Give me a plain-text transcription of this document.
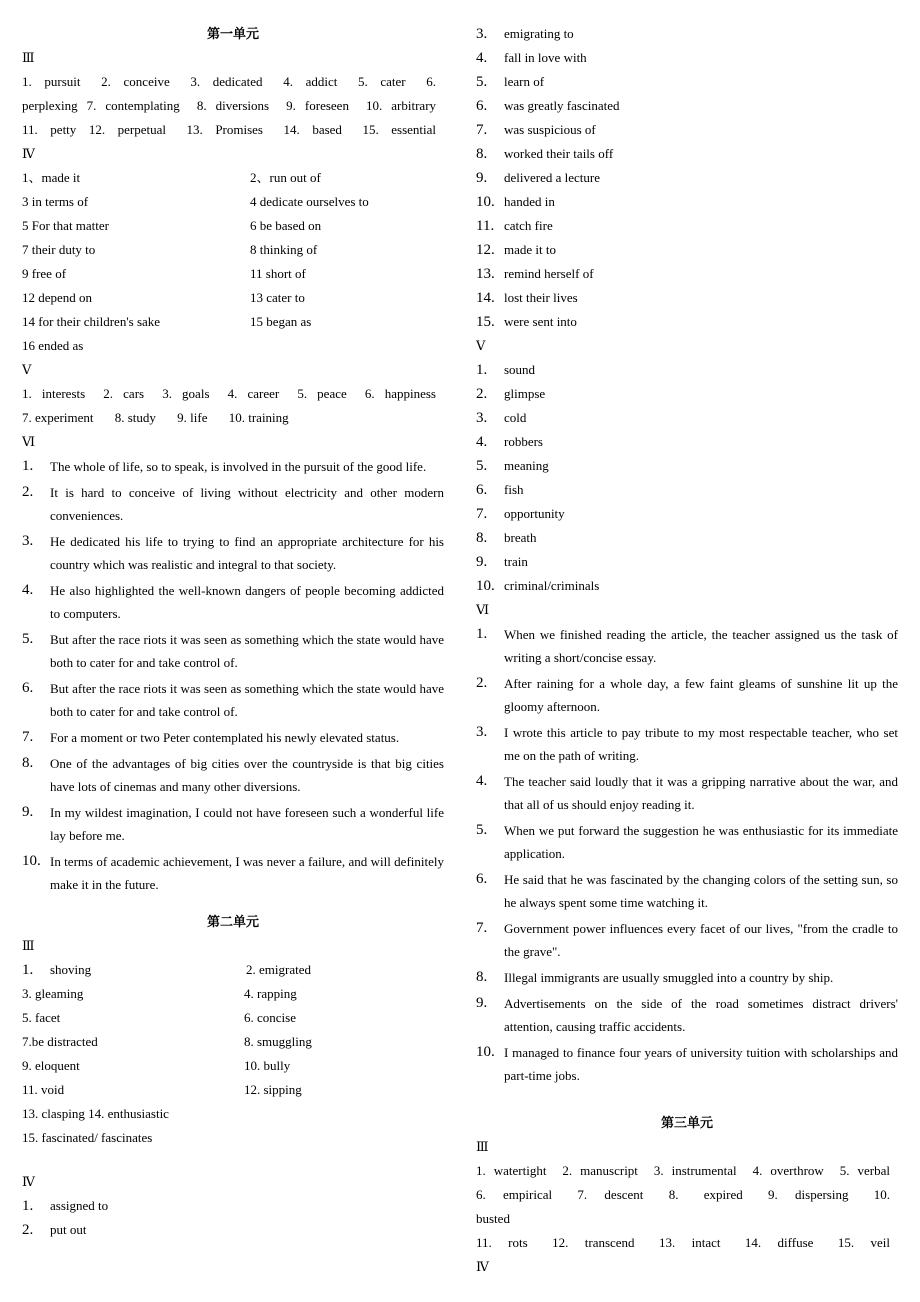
第一单元
Ⅲ
1. pursuit 2. conceive 3. dedicated 4. addict 5. cater 6.
perplexing 7. contemplating 8. diversions 9. foreseen 10. arbitrary
11. petty 12. perpetual 13. Promises 14. based 15. essential
Ⅳ
1、made it	2、run out of
3 in terms of	4 dedicate ourselves to
5 For that matter	6 be based on
7 their duty to	8 thinking of
9 free of	11 short of
12 depend on	13 cater to
14 for their children's sake	15 began as
16 ended as
Ⅴ
1. interests 2. cars 3. goals 4. career 5. peace 6. happiness
7. experiment 8. study 9. life 10. training
Ⅵ
1.	The whole of life, so to speak, is involved in the pursuit of the good life.
2.	It is hard to conceive of living without electricity and other modern conveniences.
3.	He dedicated his life to trying to find an appropriate architecture for his country which was realistic and integral to that society.
4.	He also highlighted the well-known dangers of people becoming addicted to computers.
5.	But after the race riots it was seen as something which the state would have both to cater for and take control of.
6.	But after the race riots it was seen as something which the state would have both to cater for and take control of.
7.	For a moment or two Peter contemplated his newly elevated status.
8.	One of the advantages of big cities over the countryside is that big cities have lots of cinemas and many other diversions.
9.	In my wildest imagination, I could not have foreseen such a wonderful life lay before me.
10. In terms of academic achievement, I was never a failure, and will definitely make it in the future.
第二单元
Ⅲ
1. shoving	2. emigrated
3. gleaming	4. rapping
5. facet	6. concise
7.be distracted	8. smuggling
9. eloquent	10. bully
11. void	12. sipping
13. clasping 14. enthusiastic
15. fascinated/ fascinates
Ⅳ
1.	assigned to
2.	put out
3.	emigrating to
4.	fall in love with
5.	learn of
6.	was greatly fascinated
7.	was suspicious of
8.	worked their tails off
9.	delivered a lecture
10. handed in
11. catch fire
12. made it to
13. remind herself of
14. lost their lives
15. were sent into
Ⅴ
1.	sound
2.	glimpse
3.	cold
4.	robbers
5.	meaning
6.	fish
7.	opportunity
8.	breath
9.	train
10. criminal/criminals
Ⅵ
1.	When we finished reading the article, the teacher assigned us the task of writing a short/concise essay.
2.	After raining for a whole day, a few faint gleams of sunshine lit up the gloomy afternoon.
3.	I wrote this article to pay tribute to my most respectable teacher, who set me on the path of writing.
4.	The teacher said loudly that it was a gripping narrative about the war, and that all of us should enjoy reading it.
5.	When we put forward the suggestion he was enthusiastic for its immediate application.
6.	He said that he was fascinated by the changing colors of the setting sun, so he always spent some time watching it.
7.	Government power influences every facet of our lives, "from the cradle to the grave".
8.	Illegal immigrants are usually smuggled into a country by ship.
9.	Advertisements on the side of the road sometimes distract drivers' attention, causing traffic accidents.
10. I managed to finance four years of university tuition with scholarships and part-time jobs.
第三单元
Ⅲ
1. watertight 2. manuscript 3. instrumental 4. overthrow 5. verbal
6. empirical 7. descent 8. expired 9. dispersing 10.
busted
11. rots 12. transcend 13. intact 14. diffuse 15. veil
Ⅳ
